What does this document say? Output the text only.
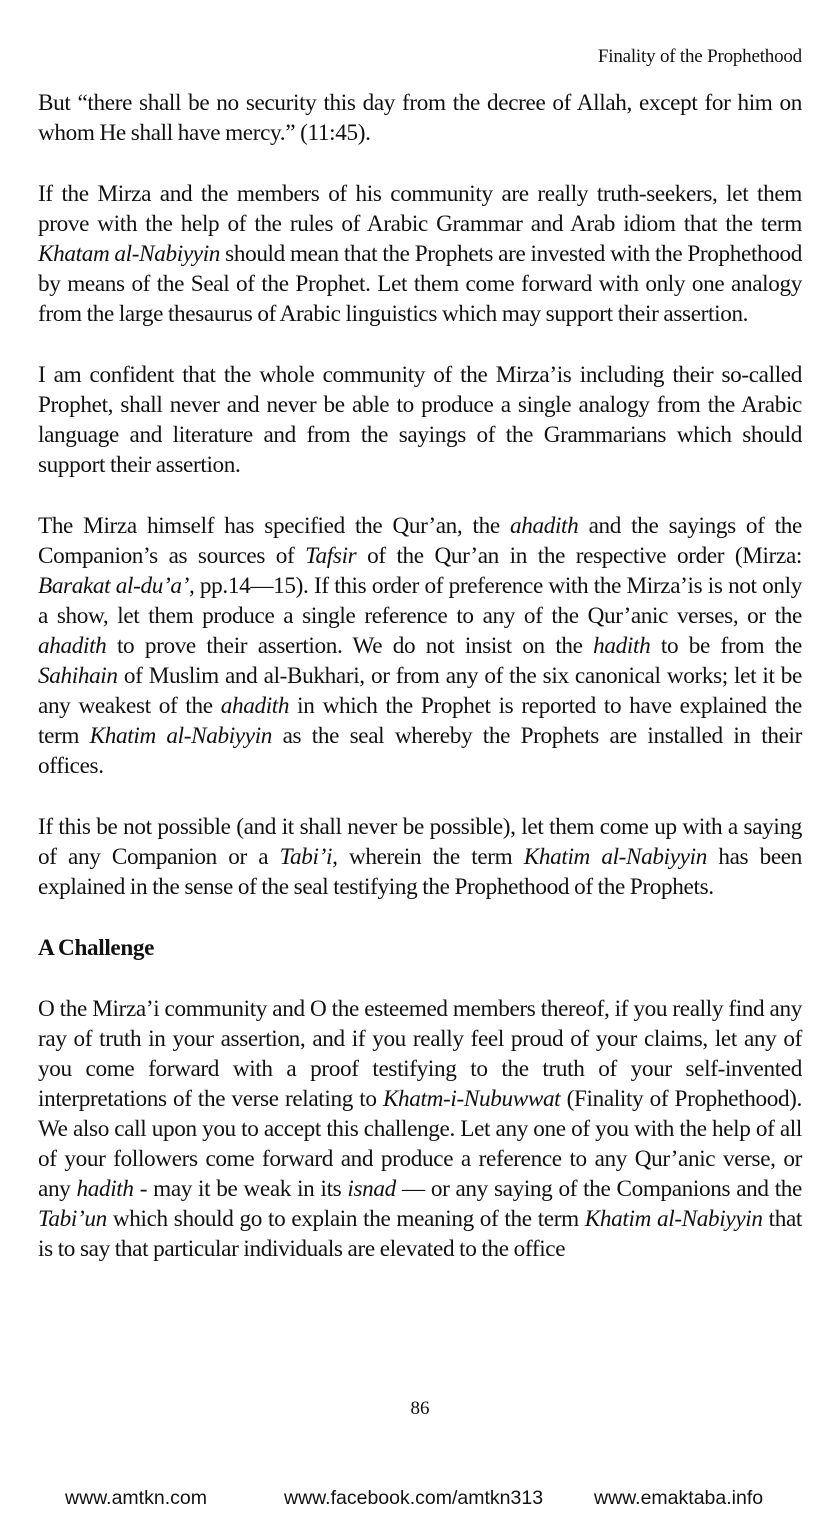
Finality of the Prophethood

But “there shall be no security this day from the decree of Allah, except for him on whom He shall have mercy.” (11:45).

If the Mirza and the members of his community are really truth-seekers, let them prove with the help of the rules of Arabic Grammar and Arab idiom that the term Khatam al-Nabiyyin should mean that the Prophets are invested with the Prophethood by means of the Seal of the Prophet. Let them come forward with only one analogy from the large thesaurus of Arabic linguistics which may support their assertion.

I am confident that the whole community of the Mirza’is including their so-called Prophet, shall never and never be able to produce a single analogy from the Arabic language and literature and from the sayings of the Grammarians which should support their assertion.

The Mirza himself has specified the Qur’an, the ahadith and the sayings of the Companion’s as sources of Tafsir of the Qur’an in the respective order (Mirza: Barakat al-du’a’, pp.14—15). If this order of preference with the Mirza’is is not only a show, let them produce a single reference to any of the Qur’anic verses, or the ahadith to prove their assertion. We do not insist on the hadith to be from the Sahihain of Muslim and al-Bukhari, or from any of the six canonical works; let it be any weakest of the ahadith in which the Prophet is reported to have explained the term Khatim al-Nabiyyin as the seal whereby the Prophets are installed in their offices.

If this be not possible (and it shall never be possible), let them come up with a saying of any Companion or a Tabi’i, wherein the term Khatim al-Nabiyyin has been explained in the sense of the seal testifying the Prophethood of the Prophets.

A Challenge

O the Mirza’i community and O the esteemed members thereof, if you really find any ray of truth in your assertion, and if you really feel proud of your claims, let any of you come forward with a proof testifying to the truth of your self-invented interpretations of the verse relating to Khatm-i-Nubuwwat (Finality of Prophethood). We also call upon you to accept this challenge. Let any one of you with the help of all of your followers come forward and produce a reference to any Qur’anic verse, or any hadith - may it be weak in its isnad — or any saying of the Companions and the Tabi’un which should go to explain the meaning of the term Khatim al-Nabiyyin that is to say that particular individuals are elevated to the office

86
www.amtkn.com	www.facebook.com/amtkn313	www.emaktaba.info
